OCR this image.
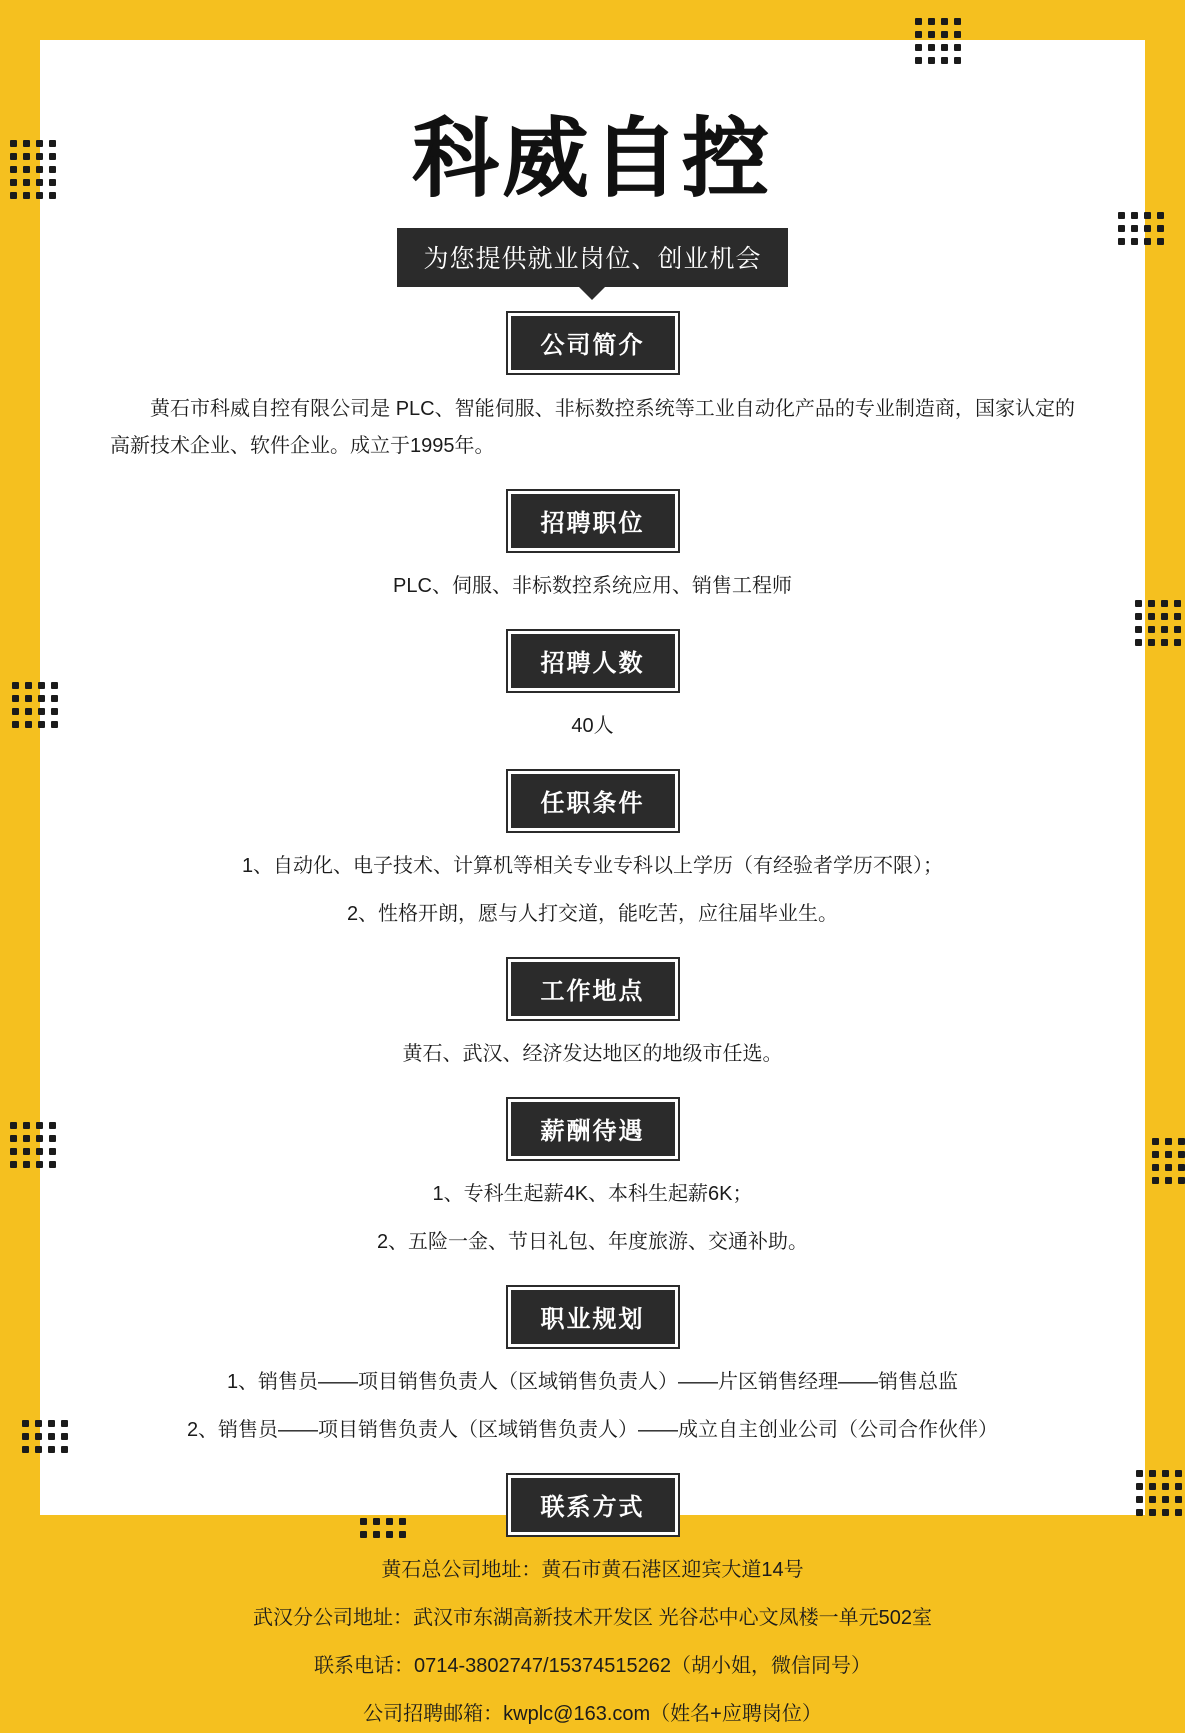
科威自控
为您提供就业岗位、创业机会
公司简介

黄石市科威自控有限公司是 PLC、智能伺服、非标数控系统等工业自动化产品的专业制造商，国家认定的高新技术企业、软件企业。成立于1995年。

招聘职位

PLC、伺服、非标数控系统应用、销售工程师

招聘人数

40人

任职条件

1、自动化、电子技术、计算机等相关专业专科以上学历（有经验者学历不限）；

2、性格开朗，愿与人打交道，能吃苦，应往届毕业生。

工作地点

黄石、武汉、经济发达地区的地级市任选。

薪酬待遇

1、专科生起薪4K、本科生起薪6K；

2、五险一金、节日礼包、年度旅游、交通补助。

职业规划

1、销售员——项目销售负责人（区域销售负责人）——片区销售经理——销售总监

2、销售员——项目销售负责人（区域销售负责人）——成立自主创业公司（公司合作伙伴）

联系方式

黄石总公司地址：黄石市黄石港区迎宾大道14号

武汉分公司地址：武汉市东湖高新技术开发区 光谷芯中心文凤楼一单元502室

联系电话：0714-3802747/15374515262（胡小姐，微信同号）

公司招聘邮箱：kwplc@163.com（姓名+应聘岗位）
